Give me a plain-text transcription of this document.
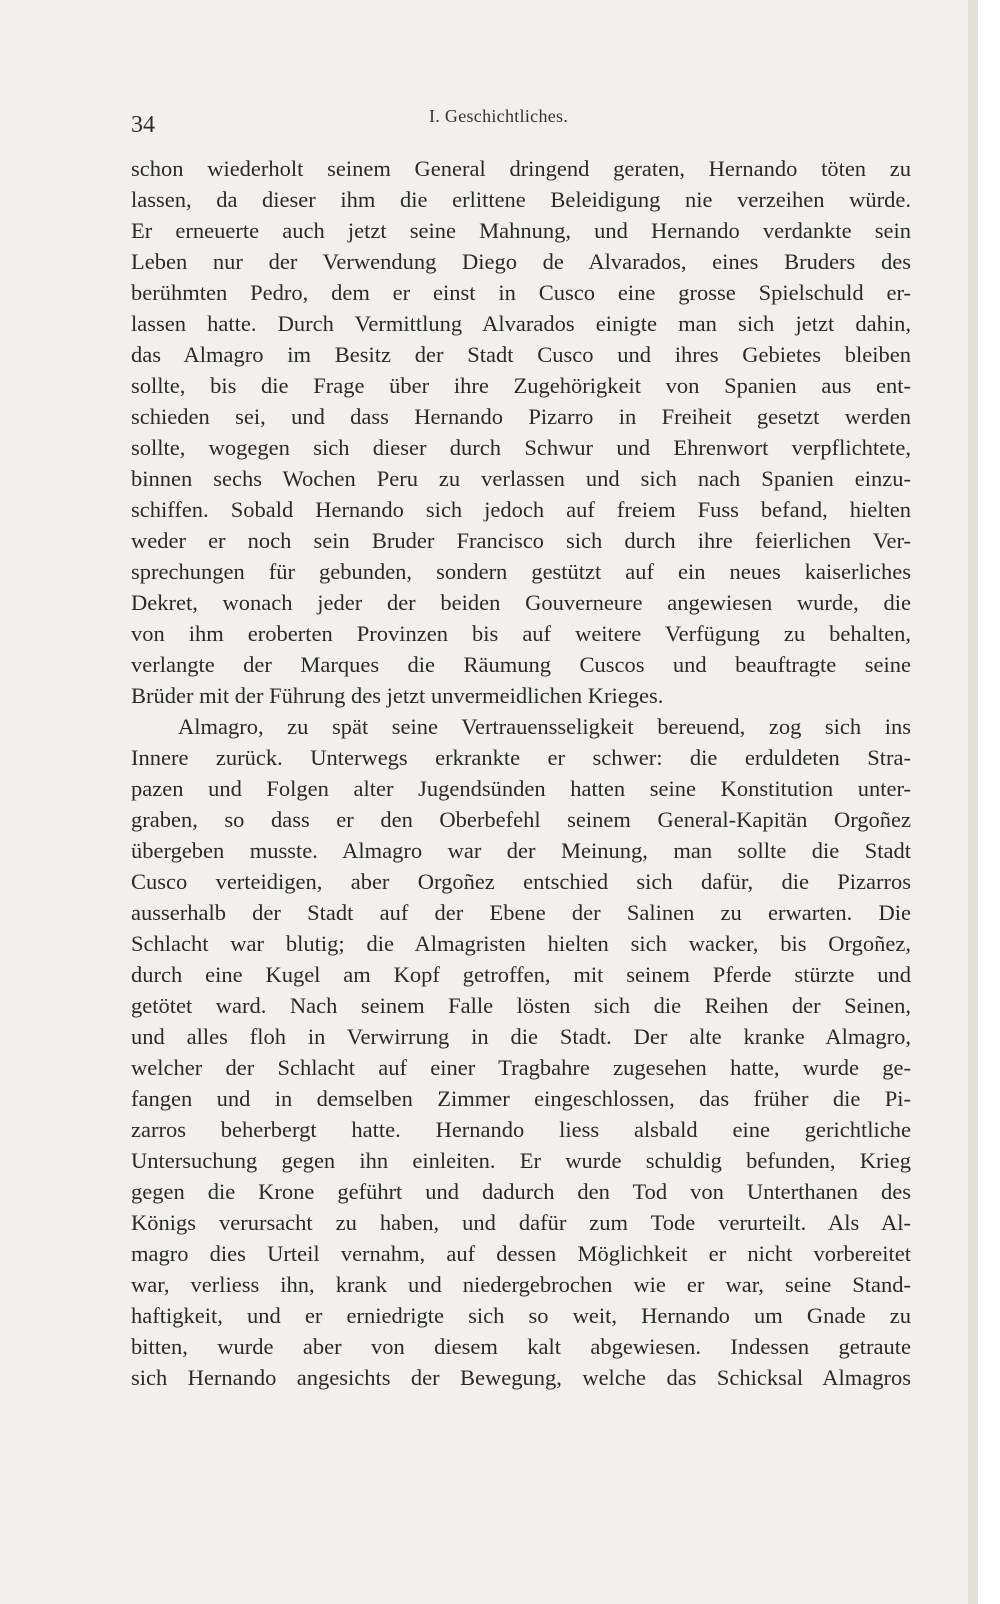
34	I. Geschichtliches.
schon wiederholt seinem General dringend geraten, Hernando töten zu
lassen, da dieser ihm die erlittene Beleidigung nie verzeihen würde.
Er erneuerte auch jetzt seine Mahnung, und Hernando verdankte sein
Leben nur der Verwendung Diego de Alvarados, eines Bruders des
berühmten Pedro, dem er einst in Cusco eine grosse Spielschuld er-
lassen hatte. Durch Vermittlung Alvarados einigte man sich jetzt dahin,
das Almagro im Besitz der Stadt Cusco und ihres Gebietes bleiben
sollte, bis die Frage über ihre Zugehörigkeit von Spanien aus ent-
schieden sei, und dass Hernando Pizarro in Freiheit gesetzt werden
sollte, wogegen sich dieser durch Schwur und Ehrenwort verpflichtete,
binnen sechs Wochen Peru zu verlassen und sich nach Spanien einzu-
schiffen. Sobald Hernando sich jedoch auf freiem Fuss befand, hielten
weder er noch sein Bruder Francisco sich durch ihre feierlichen Ver-
sprechungen für gebunden, sondern gestützt auf ein neues kaiserliches
Dekret, wonach jeder der beiden Gouverneure angewiesen wurde, die
von ihm eroberten Provinzen bis auf weitere Verfügung zu behalten,
verlangte der Marques die Räumung Cuscos und beauftragte seine
Brüder mit der Führung des jetzt unvermeidlichen Krieges.
Almagro, zu spät seine Vertrauensseligkeit bereuend, zog sich ins
Innere zurück. Unterwegs erkrankte er schwer: die erduldeten Stra-
pazen und Folgen alter Jugendsünden hatten seine Konstitution unter-
graben, so dass er den Oberbefehl seinem General-Kapitän Orgoñez
übergeben musste. Almagro war der Meinung, man sollte die Stadt
Cusco verteidigen, aber Orgoñez entschied sich dafür, die Pizarros
ausserhalb der Stadt auf der Ebene der Salinen zu erwarten. Die
Schlacht war blutig; die Almagristen hielten sich wacker, bis Orgoñez,
durch eine Kugel am Kopf getroffen, mit seinem Pferde stürzte und
getötet ward. Nach seinem Falle lösten sich die Reihen der Seinen,
und alles floh in Verwirrung in die Stadt. Der alte kranke Almagro,
welcher der Schlacht auf einer Tragbahre zugesehen hatte, wurde ge-
fangen und in demselben Zimmer eingeschlossen, das früher die Pi-
zarros beherbergt hatte. Hernando liess alsbald eine gerichtliche
Untersuchung gegen ihn einleiten. Er wurde schuldig befunden, Krieg
gegen die Krone geführt und dadurch den Tod von Unterthanen des
Königs verursacht zu haben, und dafür zum Tode verurteilt. Als Al-
magro dies Urteil vernahm, auf dessen Möglichkeit er nicht vorbereitet
war, verliess ihn, krank und niedergebrochen wie er war, seine Stand-
haftigkeit, und er erniedrigte sich so weit, Hernando um Gnade zu
bitten, wurde aber von diesem kalt abgewiesen. Indessen getraute
sich Hernando angesichts der Bewegung, welche das Schicksal Almagros
